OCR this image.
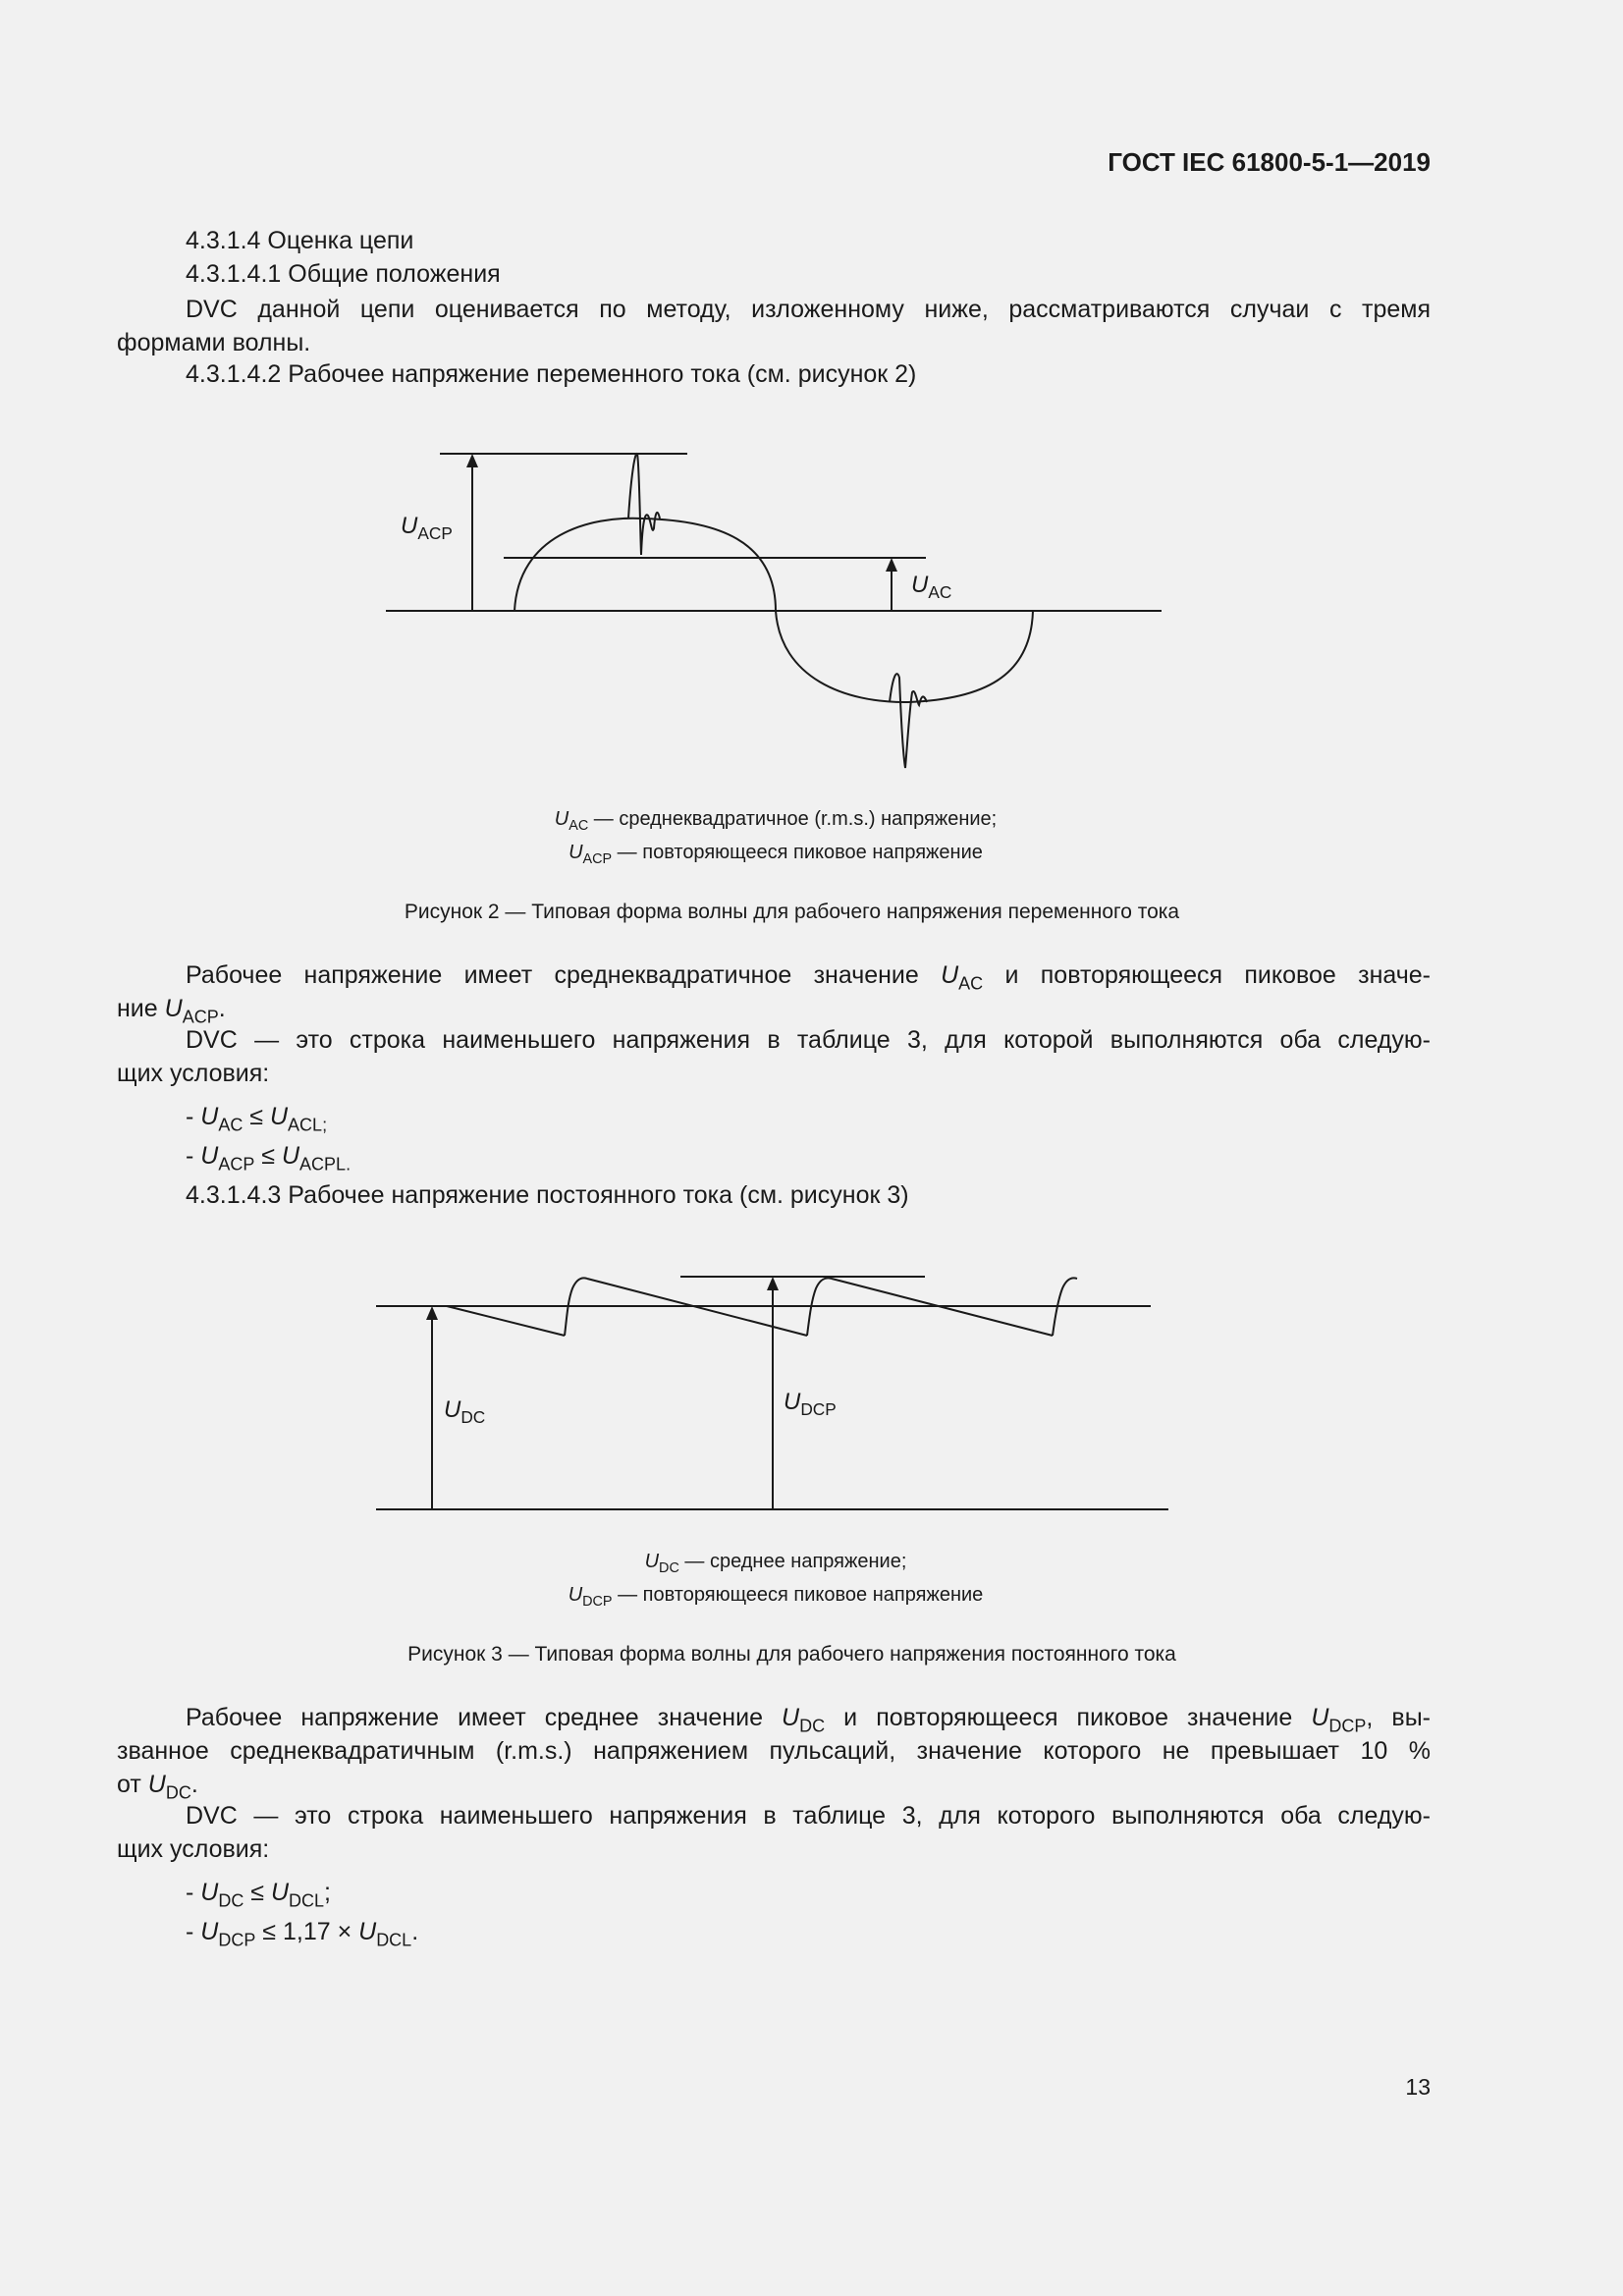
ГОСТ IEC 61800-5-1—2019
4.3.1.4 Оценка цепи
4.3.1.4.1 Общие положения
DVC данной цепи оценивается по методу, изложенному ниже, рассматриваются случаи с тремя
формами волны.
4.3.1.4.2 Рабочее напряжение переменного тока (см. рисунок 2)
$U_{ACP}$
$U_{AC}$
$U_{AC}$ — среднеквадратичное (r.m.s.) напряжение;
$U_{ACP}$ — повторяющееся пиковое напряжение
Рисунок 2 — Типовая форма волны для рабочего напряжения переменного тока
Рабочее напряжение имеет среднеквадратичное значение $U_{AC}$ и повторяющееся пиковое значе-
ние $U_{ACP}$.
DVC — это строка наименьшего напряжения в таблице 3, для которой выполняются оба следую-
щих условия:
- $U_{AC} \le U_{ACL;}$
- $U_{ACP} \le U_{ACPL.}$
4.3.1.4.3 Рабочее напряжение постоянного тока (см. рисунок 3)
$U_{DC}$
$U_{DCP}$
$U_{DC}$ — среднее напряжение;
$U_{DCP}$ — повторяющееся пиковое напряжение
Рисунок 3 — Типовая форма волны для рабочего напряжения постоянного тока
Рабочее напряжение имеет среднее значение $U_{DC}$ и повторяющееся пиковое значение $U_{DCP}$, вы-
званное среднеквадратичным (r.m.s.) напряжением пульсаций, значение которого не превышает 10 %
от $U_{DC}$.
DVC — это строка наименьшего напряжения в таблице 3, для которого выполняются оба следую-
щих условия:
- $U_{DC} \le U_{DCL}$;
- $U_{DCP} \le 1,17 \times U_{DCL}$.
13
